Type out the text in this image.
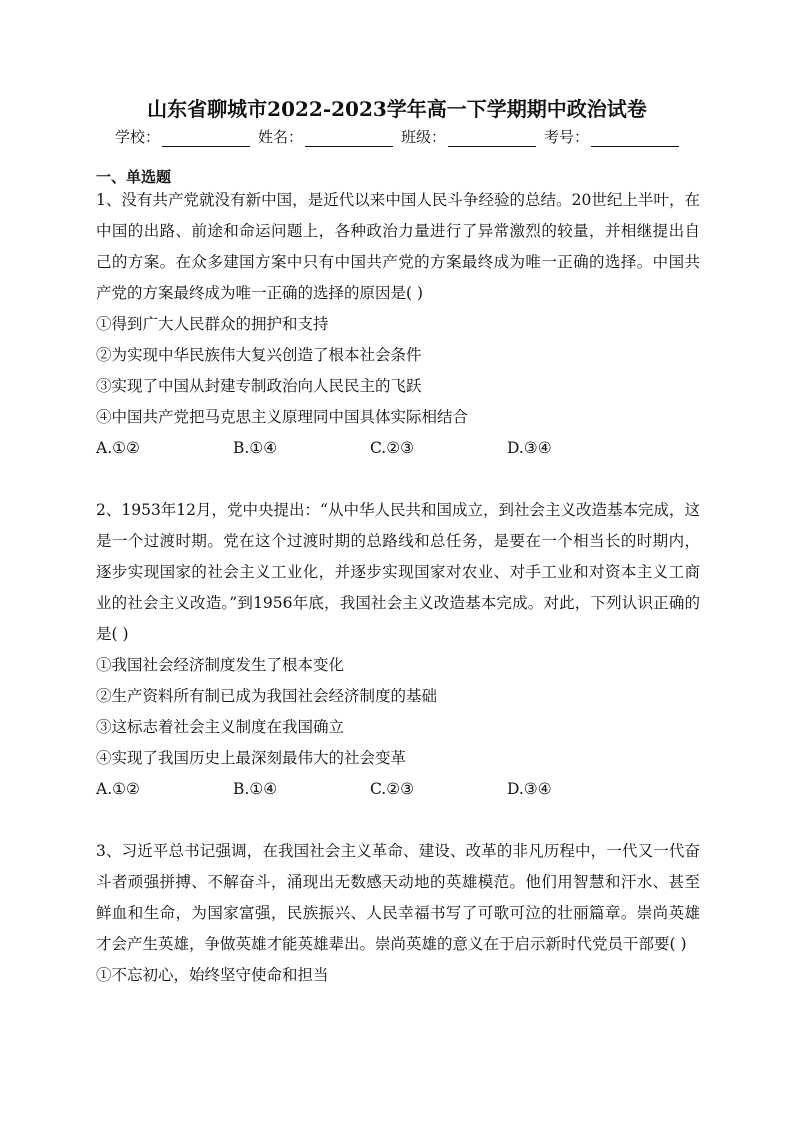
山东省聊城市2022-2023学年高一下学期期中政治试卷
学校：	姓名：	班级：	考号：
一、单选题
1、没有共产党就没有新中国，是近代以来中国人民斗争经验的总结。20世纪上半叶，在中国的出路、前途和命运问题上，各种政治力量进行了异常激烈的较量，并相继提出自己的方案。在众多建国方案中只有中国共产党的方案最终成为唯一正确的选择。中国共产党的方案最终成为唯一正确的选择的原因是( )
①得到广大人民群众的拥护和支持
②为实现中华民族伟大复兴创造了根本社会条件
③实现了中国从封建专制政治向人民民主的飞跃
④中国共产党把马克思主义原理同中国具体实际相结合
A.①②	B.①④	C.②③	D.③④
2、1953年12月，党中央提出：“从中华人民共和国成立，到社会主义改造基本完成，这是一个过渡时期。党在这个过渡时期的总路线和总任务，是要在一个相当长的时期内，逐步实现国家的社会主义工业化，并逐步实现国家对农业、对手工业和对资本主义工商业的社会主义改造。”到1956年底，我国社会主义改造基本完成。对此，下列认识正确的是( )
①我国社会经济制度发生了根本变化
②生产资料所有制已成为我国社会经济制度的基础
③这标志着社会主义制度在我国确立
④实现了我国历史上最深刻最伟大的社会变革
A.①②	B.①④	C.②③	D.③④
3、习近平总书记强调，在我国社会主义革命、建设、改革的非凡历程中，一代又一代奋斗者顽强拼搏、不解奋斗，涌现出无数感天动地的英雄模范。他们用智慧和汗水、甚至鲜血和生命，为国家富强，民族振兴、人民幸福书写了可歌可泣的壮丽篇章。崇尚英雄才会产生英雄，争做英雄才能英雄辈出。崇尚英雄的意义在于启示新时代党员干部要( )
①不忘初心，始终坚守使命和担当
